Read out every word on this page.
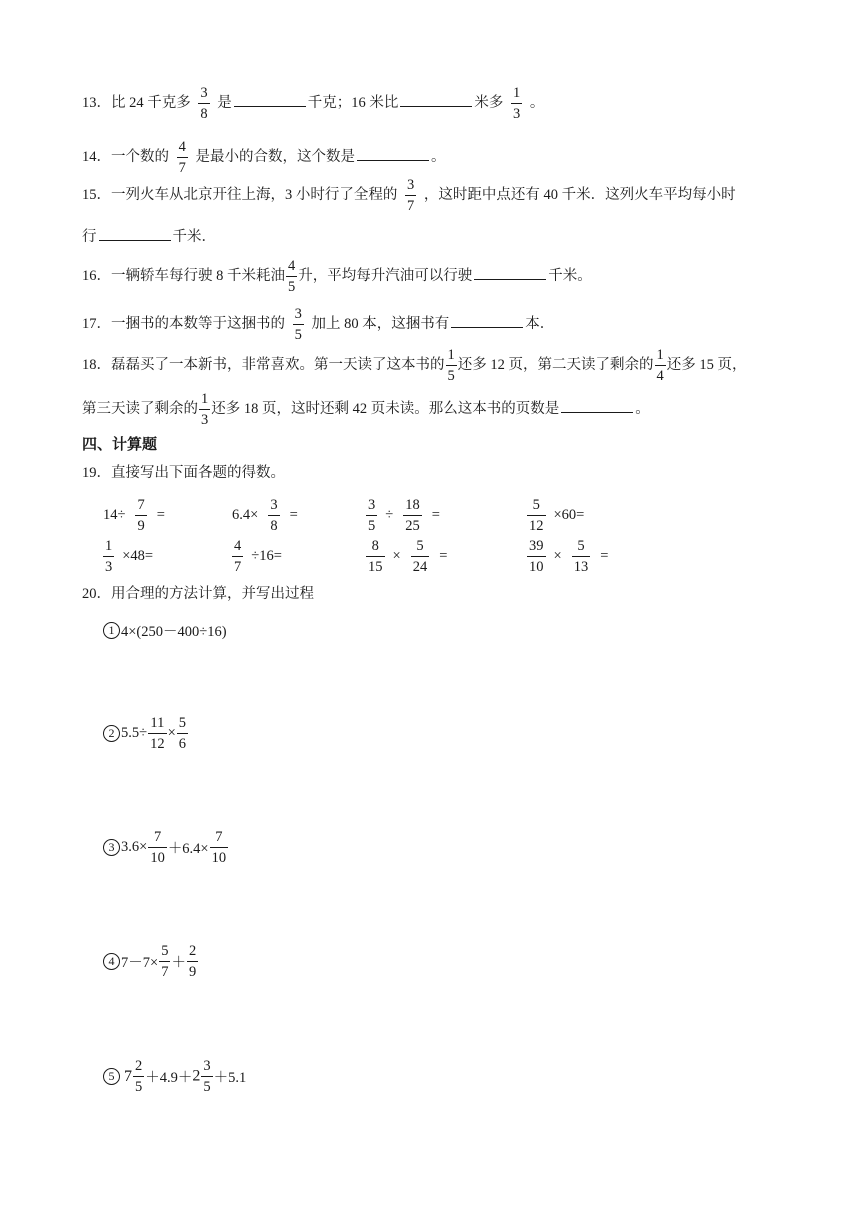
13．比 24 千克多 $\frac{3}{8}$ 是	千克；16 米比	米多 $\frac{1}{3}$ 。
14．一个数的 $\frac{4}{7}$ 是最小的合数，这个数是	。
15．一列火车从北京开往上海，3 小时行了全程的 $\frac{3}{7}$ ，这时距中点还有 40 千米．这列火车平均每小时
行	千米．
16．一辆轿车每行驶 8 千米耗油 $\frac{4}{5}$ 升，平均每升汽油可以行驶	千米。
17．一捆书的本数等于这捆书的 $\frac{3}{5}$ 加上 80 本，这捆书有	本．
18．磊磊买了一本新书，非常喜欢。第一天读了这本书的 $\frac{1}{5}$ 还多 12 页，第二天读了剩余的 $\frac{1}{4}$ 还多 15 页，
第三天读了剩余的 $\frac{1}{3}$ 还多 18 页，这时还剩 42 页未读。那么这本书的页数是	。
四、计算题
19．直接写出下面各题的得数。
$14\div \frac{7}{9}$ =	$6.4\times \frac{3}{8}$ =	$\frac{3}{5} \div \frac{18}{25}$ =	$\frac{5}{12} \times 60=$
$\frac{1}{3} \times 48=$	$\frac{4}{7} \div 16=$	$\frac{8}{15} \times \frac{5}{24}$ =	$\frac{39}{10} \times \frac{5}{13}$ =
20．用合理的方法计算，并写出过程
1 4×(250－400÷16)
2 $5.5\div \frac{11}{12} \times \frac{5}{6}$
3 $3.6\times \frac{7}{10} +6.4\times \frac{7}{10}$
4 $7-7\times \frac{5}{7} + \frac{2}{9}$
5 $7 \frac{2}{5} +4.9+2 \frac{3}{5} +5.1$
